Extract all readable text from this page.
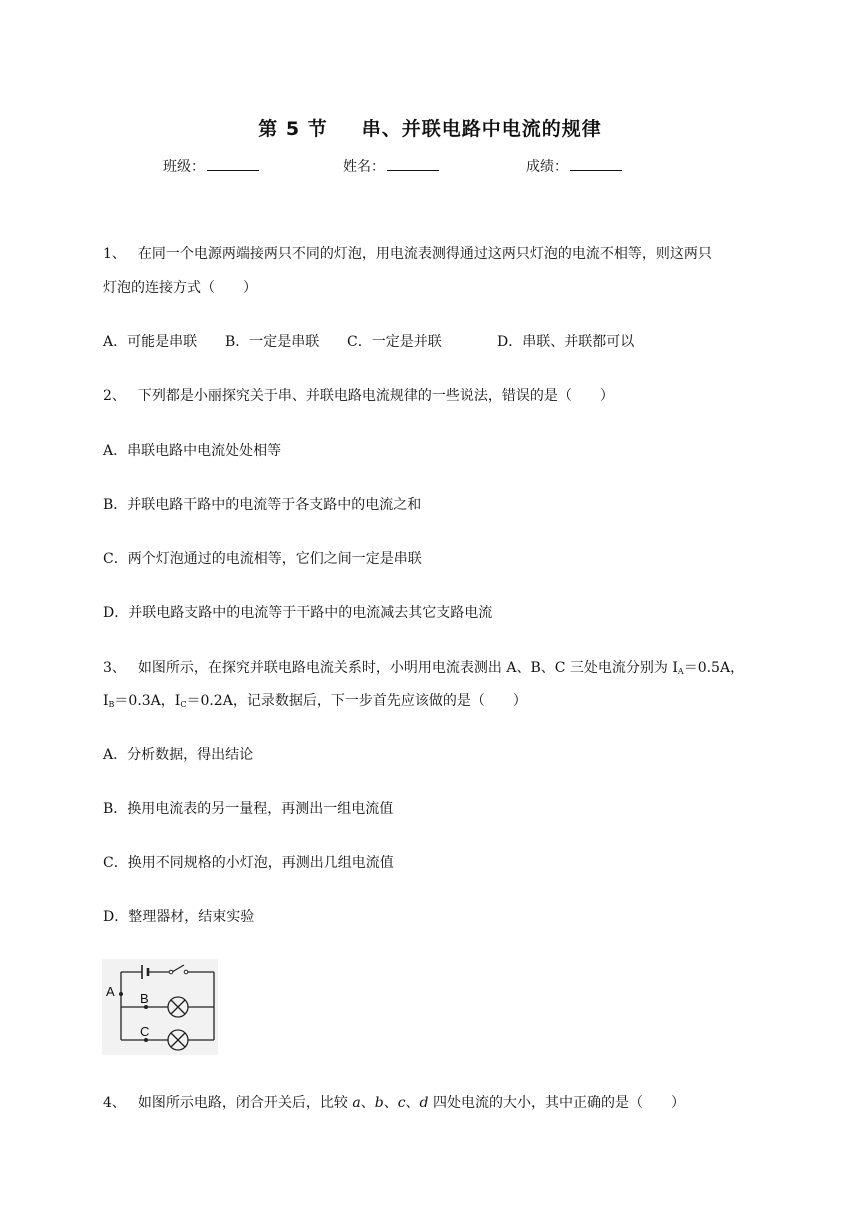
第 5 节 串、并联电路中电流的规律
班级：	姓名：	成绩：
1、 在同一个电源两端接两只不同的灯泡，用电流表测得通过这两只灯泡的电流不相等，则这两只
灯泡的连接方式（　　）
A．可能是串联 B．一定是串联 C．一定是并联	D．串联、并联都可以
2、 下列都是小丽探究关于串、并联电路电流规律的一些说法，错误的是（　　）
A．串联电路中电流处处相等
B．并联电路干路中的电流等于各支路中的电流之和
C．两个灯泡通过的电流相等，它们之间一定是串联
D．并联电路支路中的电流等于干路中的电流减去其它支路电流
3、 如图所示，在探究并联电路电流关系时，小明用电流表测出 A、B、C 三处电流分别为 $I_A=0.5A$，
$I_B=0.3A$，$I_C=0.2A$，记录数据后，下一步首先应该做的是（　　）
A．分析数据，得出结论
B．换用电流表的另一量程，再测出一组电流值
C．换用不同规格的小灯泡，再测出几组电流值
D．整理器材，结束实验
A B
C
4、 如图所示电路，闭合开关后，比较 a、b、c、d 四处电流的大小，其中正确的是（　　）
